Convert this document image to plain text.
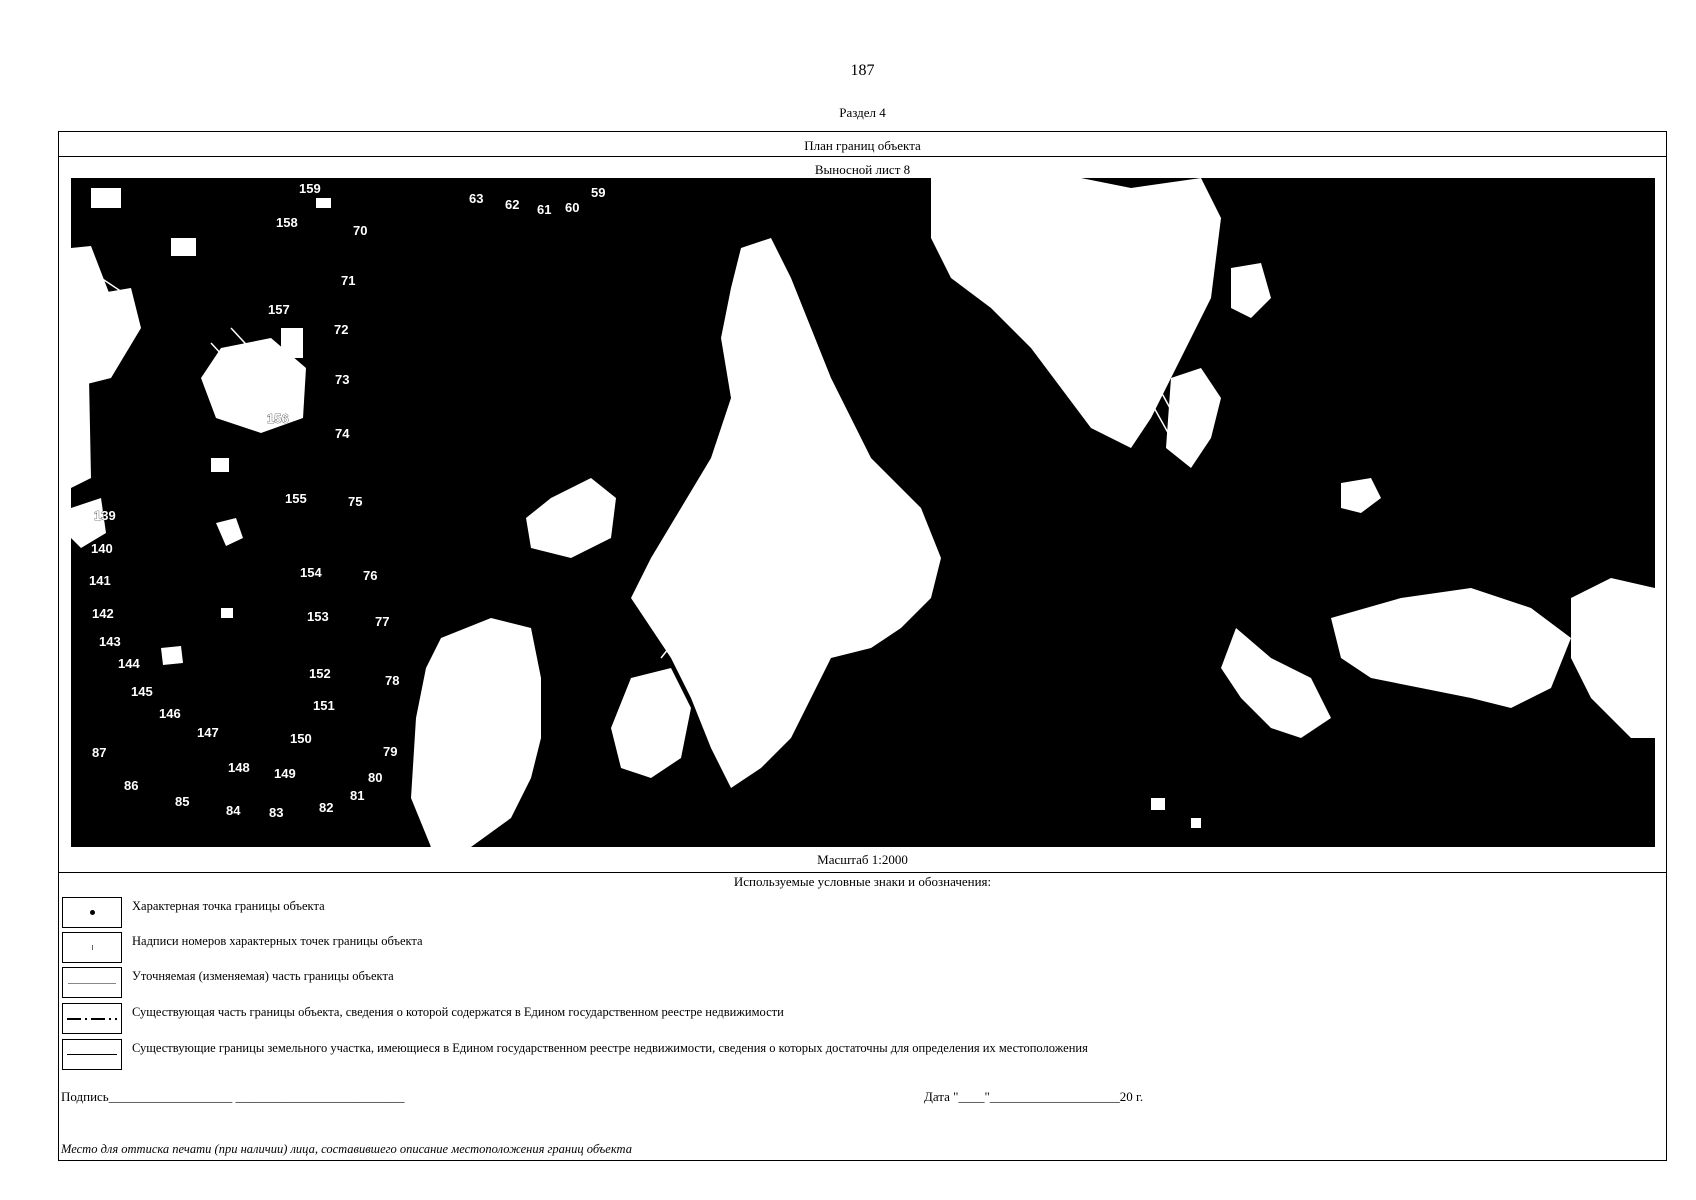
187
Раздел 4
План границ объекта
Выносной лист 8
159
63 62 61 60
59
158
70
71
157
72
73
156
74
155	75
139
140
141
154	76
142	153	77
143
144
152	78
145
151
146
147	150
79
87
148 149	80
86
85
84 83	82
81
Масштаб 1:2000
Используемые условные знаки и обозначения:
Характерная точка границы объекта
Надписи номеров характерных точек границы объекта
Уточняемая (изменяемая) часть границы объекта
Существующая часть границы объекта, сведения о которой содержатся в Едином государственном реестре недвижимости
Существующие границы земельного участка, имеющиеся в Едином государственном реестре недвижимости, сведения о которых достаточны для определения их местоположения
Подпись___________________ __________________________	Дата "____"____________________20 г.
Место для оттиска печати (при наличии) лица, составившего описание местоположения границ объекта
